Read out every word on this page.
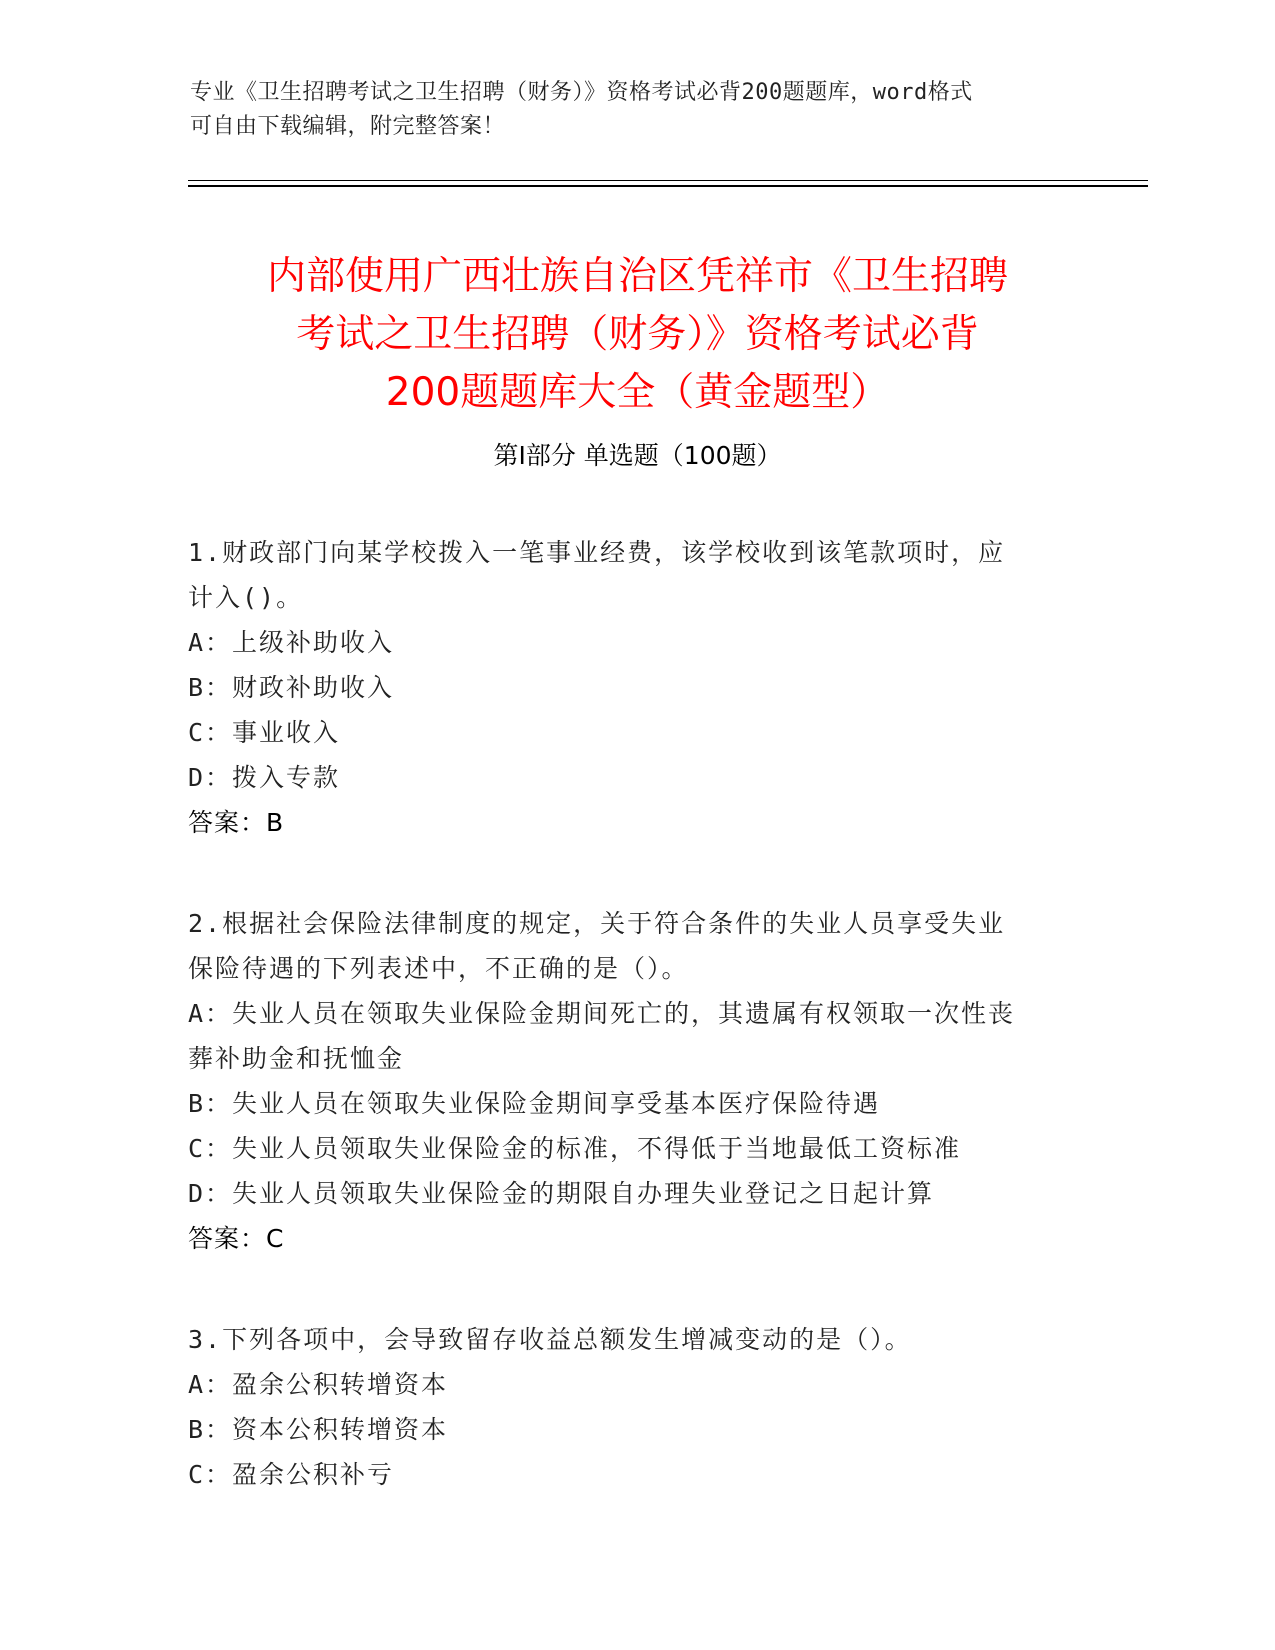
专业《卫生招聘考试之卫生招聘（财务）》资格考试必背200题题库，word格式
可自由下载编辑，附完整答案！
内部使用广西壮族自治区凭祥市《卫生招聘
考试之卫生招聘（财务）》资格考试必背
200题题库大全（黄金题型）
第Ⅰ部分 单选题（100题）
1.财政部门向某学校拨入一笔事业经费，该学校收到该笔款项时，应
计入()。
A：上级补助收入
B：财政补助收入
C：事业收入
D：拨入专款
答案：B
2.根据社会保险法律制度的规定，关于符合条件的失业人员享受失业
保险待遇的下列表述中，不正确的是（）。
A：失业人员在领取失业保险金期间死亡的，其遗属有权领取一次性丧
葬补助金和抚恤金
B：失业人员在领取失业保险金期间享受基本医疗保险待遇
C：失业人员领取失业保险金的标准，不得低于当地最低工资标准
D：失业人员领取失业保险金的期限自办理失业登记之日起计算
答案：C
3.下列各项中，会导致留存收益总额发生增减变动的是（）。
A：盈余公积转增资本
B：资本公积转增资本
C：盈余公积补亏
